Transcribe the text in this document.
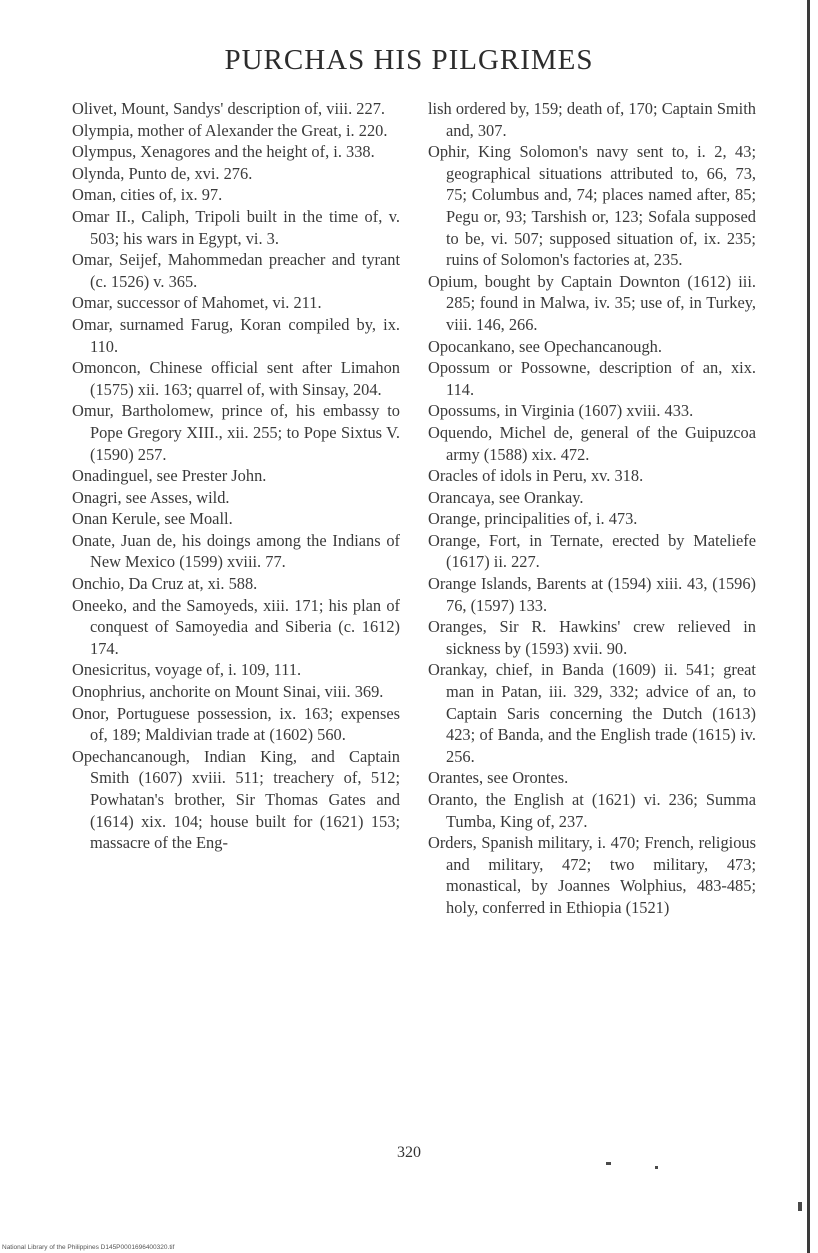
PURCHAS HIS PILGRIMES

Olivet, Mount, Sandys' description of, viii. 227.

Olympia, mother of Alexander the Great, i. 220.

Olympus, Xenagores and the height of, i. 338.

Olynda, Punto de, xvi. 276.

Oman, cities of, ix. 97.

Omar II., Caliph, Tripoli built in the time of, v. 503; his wars in Egypt, vi. 3.

Omar, Seijef, Mahommedan preacher and tyrant (c. 1526) v. 365.

Omar, successor of Mahomet, vi. 211.

Omar, surnamed Farug, Koran compiled by, ix. 110.

Omoncon, Chinese official sent after Limahon (1575) xii. 163; quarrel of, with Sinsay, 204.

Omur, Bartholomew, prince of, his embassy to Pope Gregory XIII., xii. 255; to Pope Sixtus V. (1590) 257.

Onadinguel, see Prester John.

Onagri, see Asses, wild.

Onan Kerule, see Moall.

Onate, Juan de, his doings among the Indians of New Mexico (1599) xviii. 77.

Onchio, Da Cruz at, xi. 588.

Oneeko, and the Samoyeds, xiii. 171; his plan of conquest of Samoyedia and Siberia (c. 1612) 174.

Onesicritus, voyage of, i. 109, 111.

Onophrius, anchorite on Mount Sinai, viii. 369.

Onor, Portuguese possession, ix. 163; expenses of, 189; Maldivian trade at (1602) 560.

Opechancanough, Indian King, and Captain Smith (1607) xviii. 511; treachery of, 512; Powhatan's brother, Sir Thomas Gates and (1614) xix. 104; house built for (1621) 153; massacre of the Eng-

lish ordered by, 159; death of, 170; Captain Smith and, 307.

Ophir, King Solomon's navy sent to, i. 2, 43; geographical situations attributed to, 66, 73, 75; Columbus and, 74; places named after, 85; Pegu or, 93; Tarshish or, 123; Sofala supposed to be, vi. 507; supposed situation of, ix. 235; ruins of Solomon's factories at, 235.

Opium, bought by Captain Downton (1612) iii. 285; found in Malwa, iv. 35; use of, in Turkey, viii. 146, 266.

Opocankano, see Opechancanough.

Opossum or Possowne, description of an, xix. 114.

Opossums, in Virginia (1607) xviii. 433.

Oquendo, Michel de, general of the Guipuzcoa army (1588) xix. 472.

Oracles of idols in Peru, xv. 318.

Orancaya, see Orankay.

Orange, principalities of, i. 473.

Orange, Fort, in Ternate, erected by Mateliefe (1617) ii. 227.

Orange Islands, Barents at (1594) xiii. 43, (1596) 76, (1597) 133.

Oranges, Sir R. Hawkins' crew relieved in sickness by (1593) xvii. 90.

Orankay, chief, in Banda (1609) ii. 541; great man in Patan, iii. 329, 332; advice of an, to Captain Saris concerning the Dutch (1613) 423; of Banda, and the English trade (1615) iv. 256.

Orantes, see Orontes.

Oranto, the English at (1621) vi. 236; Summa Tumba, King of, 237.

Orders, Spanish military, i. 470; French, religious and military, 472; two military, 473; monastical, by Joannes Wolphius, 483-485; holy, conferred in Ethiopia (1521)

320
National Library of the Philippines D145P0001696400320.tif
